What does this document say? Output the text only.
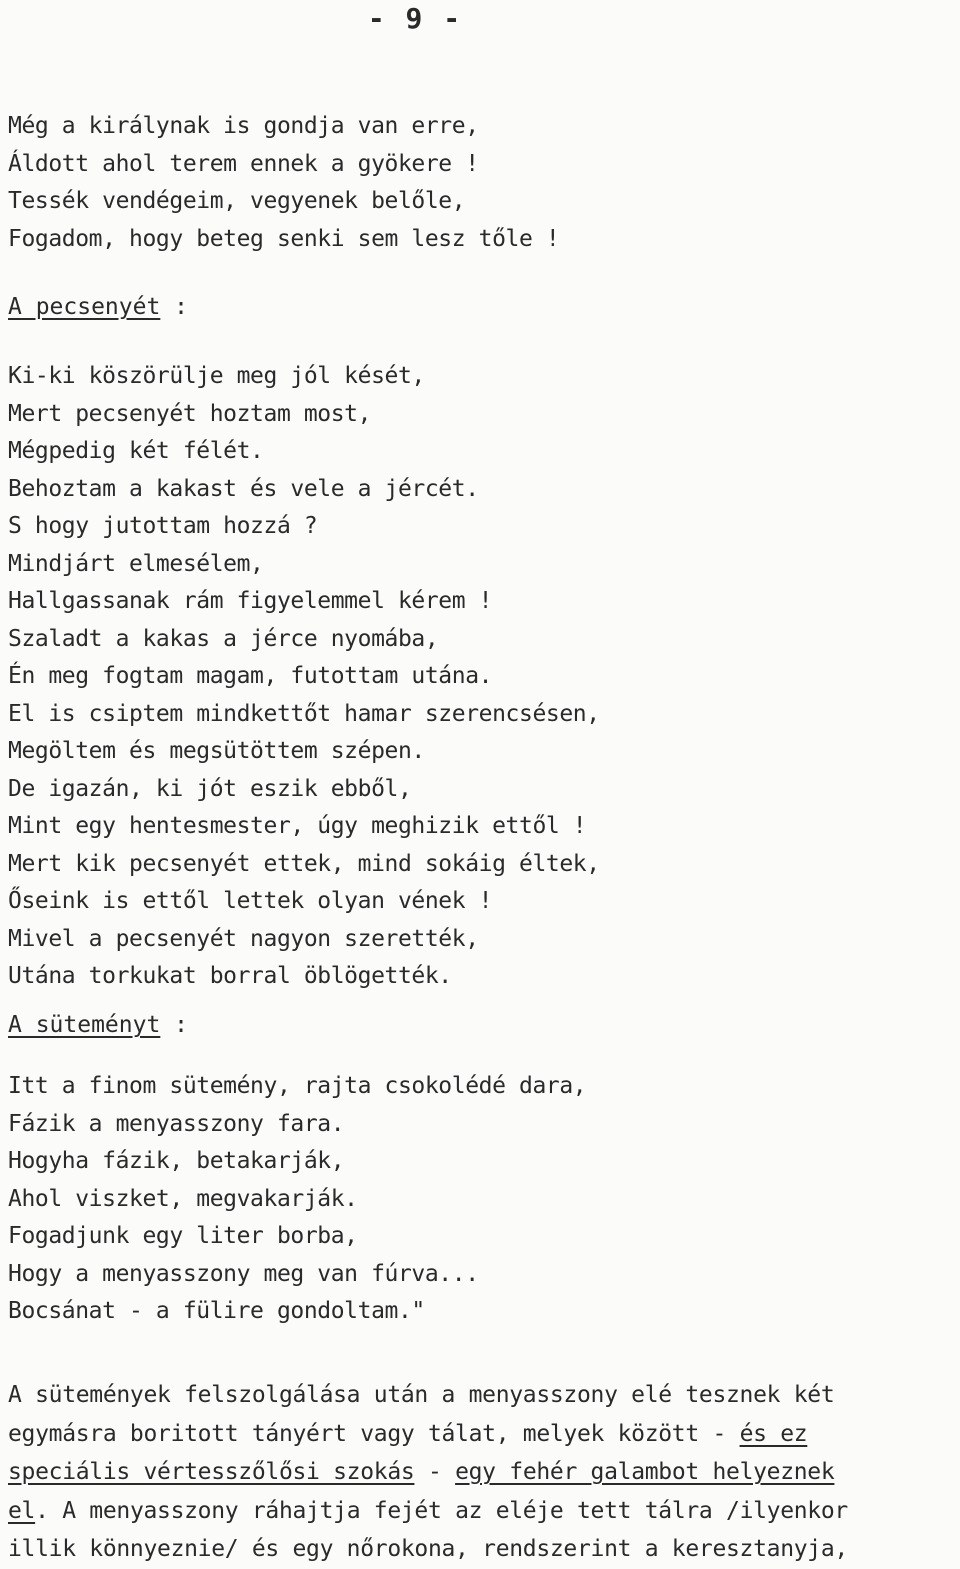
- 9 -
Még a királynak is gondja van erre,
Áldott ahol terem ennek a gyökere !
Tessék vendégeim, vegyenek belőle,
Fogadom, hogy beteg senki sem lesz tőle !
A pecsenyét :
Ki-ki köszörülje meg jól kését,
Mert pecsenyét hoztam most,
Mégpedig két félét.
Behoztam a kakast és vele a jércét.
S hogy jutottam hozzá ?
Mindjárt elmesélem,
Hallgassanak rám figyelemmel kérem !
Szaladt a kakas a jérce nyomába,
Én meg fogtam magam, futottam utána.
El is csiptem mindkettőt hamar szerencsésen,
Megöltem és megsütöttem szépen.
De igazán, ki jót eszik ebből,
Mint egy hentesmester, úgy meghizik ettől !
Mert kik pecsenyét ettek, mind sokáig éltek,
Őseink is ettől lettek olyan vének !
Mivel a pecsenyét nagyon szerették,
Utána torkukat borral öblögették.
A süteményt :
Itt a finom sütemény, rajta csokolédé dara,
Fázik a menyasszony fara.
Hogyha fázik, betakarják,
Ahol viszket, megvakarják.
Fogadjunk egy liter borba,
Hogy a menyasszony meg van fúrva...
Bocsánat - a fülire gondoltam."
A sütemények felszolgálása után a menyasszony elé tesznek két
egymásra boritott tányért vagy tálat, melyek között - és ez
speciális vértesszőlősi szokás - egy fehér galambot helyeznek
el. A menyasszony ráhajtja fejét az eléje tett tálra /ilyenkor
illik könnyeznie/ és egy nőrokona, rendszerint a keresztanyja,
